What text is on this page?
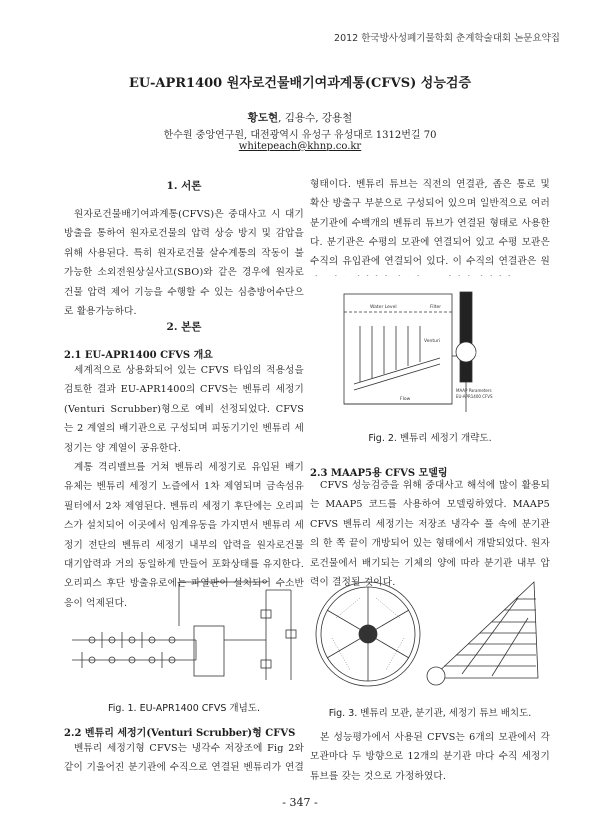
2012 한국방사성폐기물학회 춘계학술대회 논문요약집
EU-APR1400 원자로건물배기여과계통(CFVS) 성능검증
황도현, 김용수, 강용철
한수원 중앙연구원, 대전광역시 유성구 유성대로 1312번길 70
whitepeach@khnp.co.kr
1. 서론

원자로건물배기여과계통(CFVS)은 중대사고 시 대기방출을 통하여 원자로건물의 압력 상승 방지 및 감압을 위해 사용된다. 특히 원자로건물 살수계통의 작동이 불가능한 소외전원상실사고(SBO)와 같은 경우에 원자로건물 압력 제어 기능을 수행할 수 있는 심층방어수단으로 활용가능하다.

2. 본론
2.1 EU-APR1400 CFVS 개요

세계적으로 상용화되어 있는 CFVS 타입의 적용성을 검토한 결과 EU-APR1400의 CFVS는 벤튜리 세정기(Venturi Scrubber)형으로 예비 선정되었다. CFVS는 2 계열의 배기관으로 구성되며 피동기기인 벤튜리 세정기는 양 계열이 공유한다.

계통 격리밸브를 거쳐 벤튜리 세정기로 유입된 배기 유체는 벤튜리 세정기 노즐에서 1차 제염되며 금속섬유 필터에서 2차 제염된다. 벤튜리 세정기 후단에는 오리피스가 설치되어 이곳에서 임계유동을 가지면서 벤튜리 세정기 전단의 벤튜리 세정기 내부의 압력을 원자로건물 대기압력과 거의 동일하게 만들어 포화상태를 유지한다. 오리피스 후단 방출유로에는 파열판이 설치되어 수소반응이 억제된다.

Fig. 1. EU-APR1400 CFVS 개념도.
2.2 벤튜리 세정기(Venturi Scrubber)형 CFVS

벤튜리 세정기형 CFVS는 냉각수 저장조에 Fig 2와 같이 기울어진 분기관에 수직으로 연결된 벤튜리가 연결

형태이다. 벤튜리 튜브는 직전의 연결관, 좁은 통로 및 확산 방출구 부분으로 구성되어 있으며 일반적으로 여러 분기관에 수백개의 벤튜리 튜브가 연결된 형태로 사용한다. 분기관은 수평의 모관에 연결되어 있고 수평 모관은 수직의 유입관에 연결되어 있다. 이 수직의 연결관은 원

Water Level	Filter
Venturi
Header
Flow
MAAP Parameters
EU-APR1400 CFVS
Fig. 2. 벤튜리 세정기 개략도.
2.3 MAAP5용 CFVS 모델링

CFVS 성능검증을 위해 중대사고 해석에 많이 활용되는 MAAP5 코드를 사용하여 모델링하였다. MAAP5 CFVS 벤튜리 세정기는 저장조 냉각수 풀 속에 분기관의 한 쪽 끝이 개방되어 있는 형태에서 개발되었다. 원자로건물에서 배기되는 기체의 양에 따라 분기관 내부 압력이 결정될 것이다.

Fig. 3. 벤튜리 모관, 분기관, 세정기 튜브 배치도.

본 성능평가에서 사용된 CFVS는 6개의 모관에서 각 모관마다 두 방향으로 12개의 분기관 마다 수직 세정기 튜브를 갖는 것으로 가정하였다.

- 347 -
